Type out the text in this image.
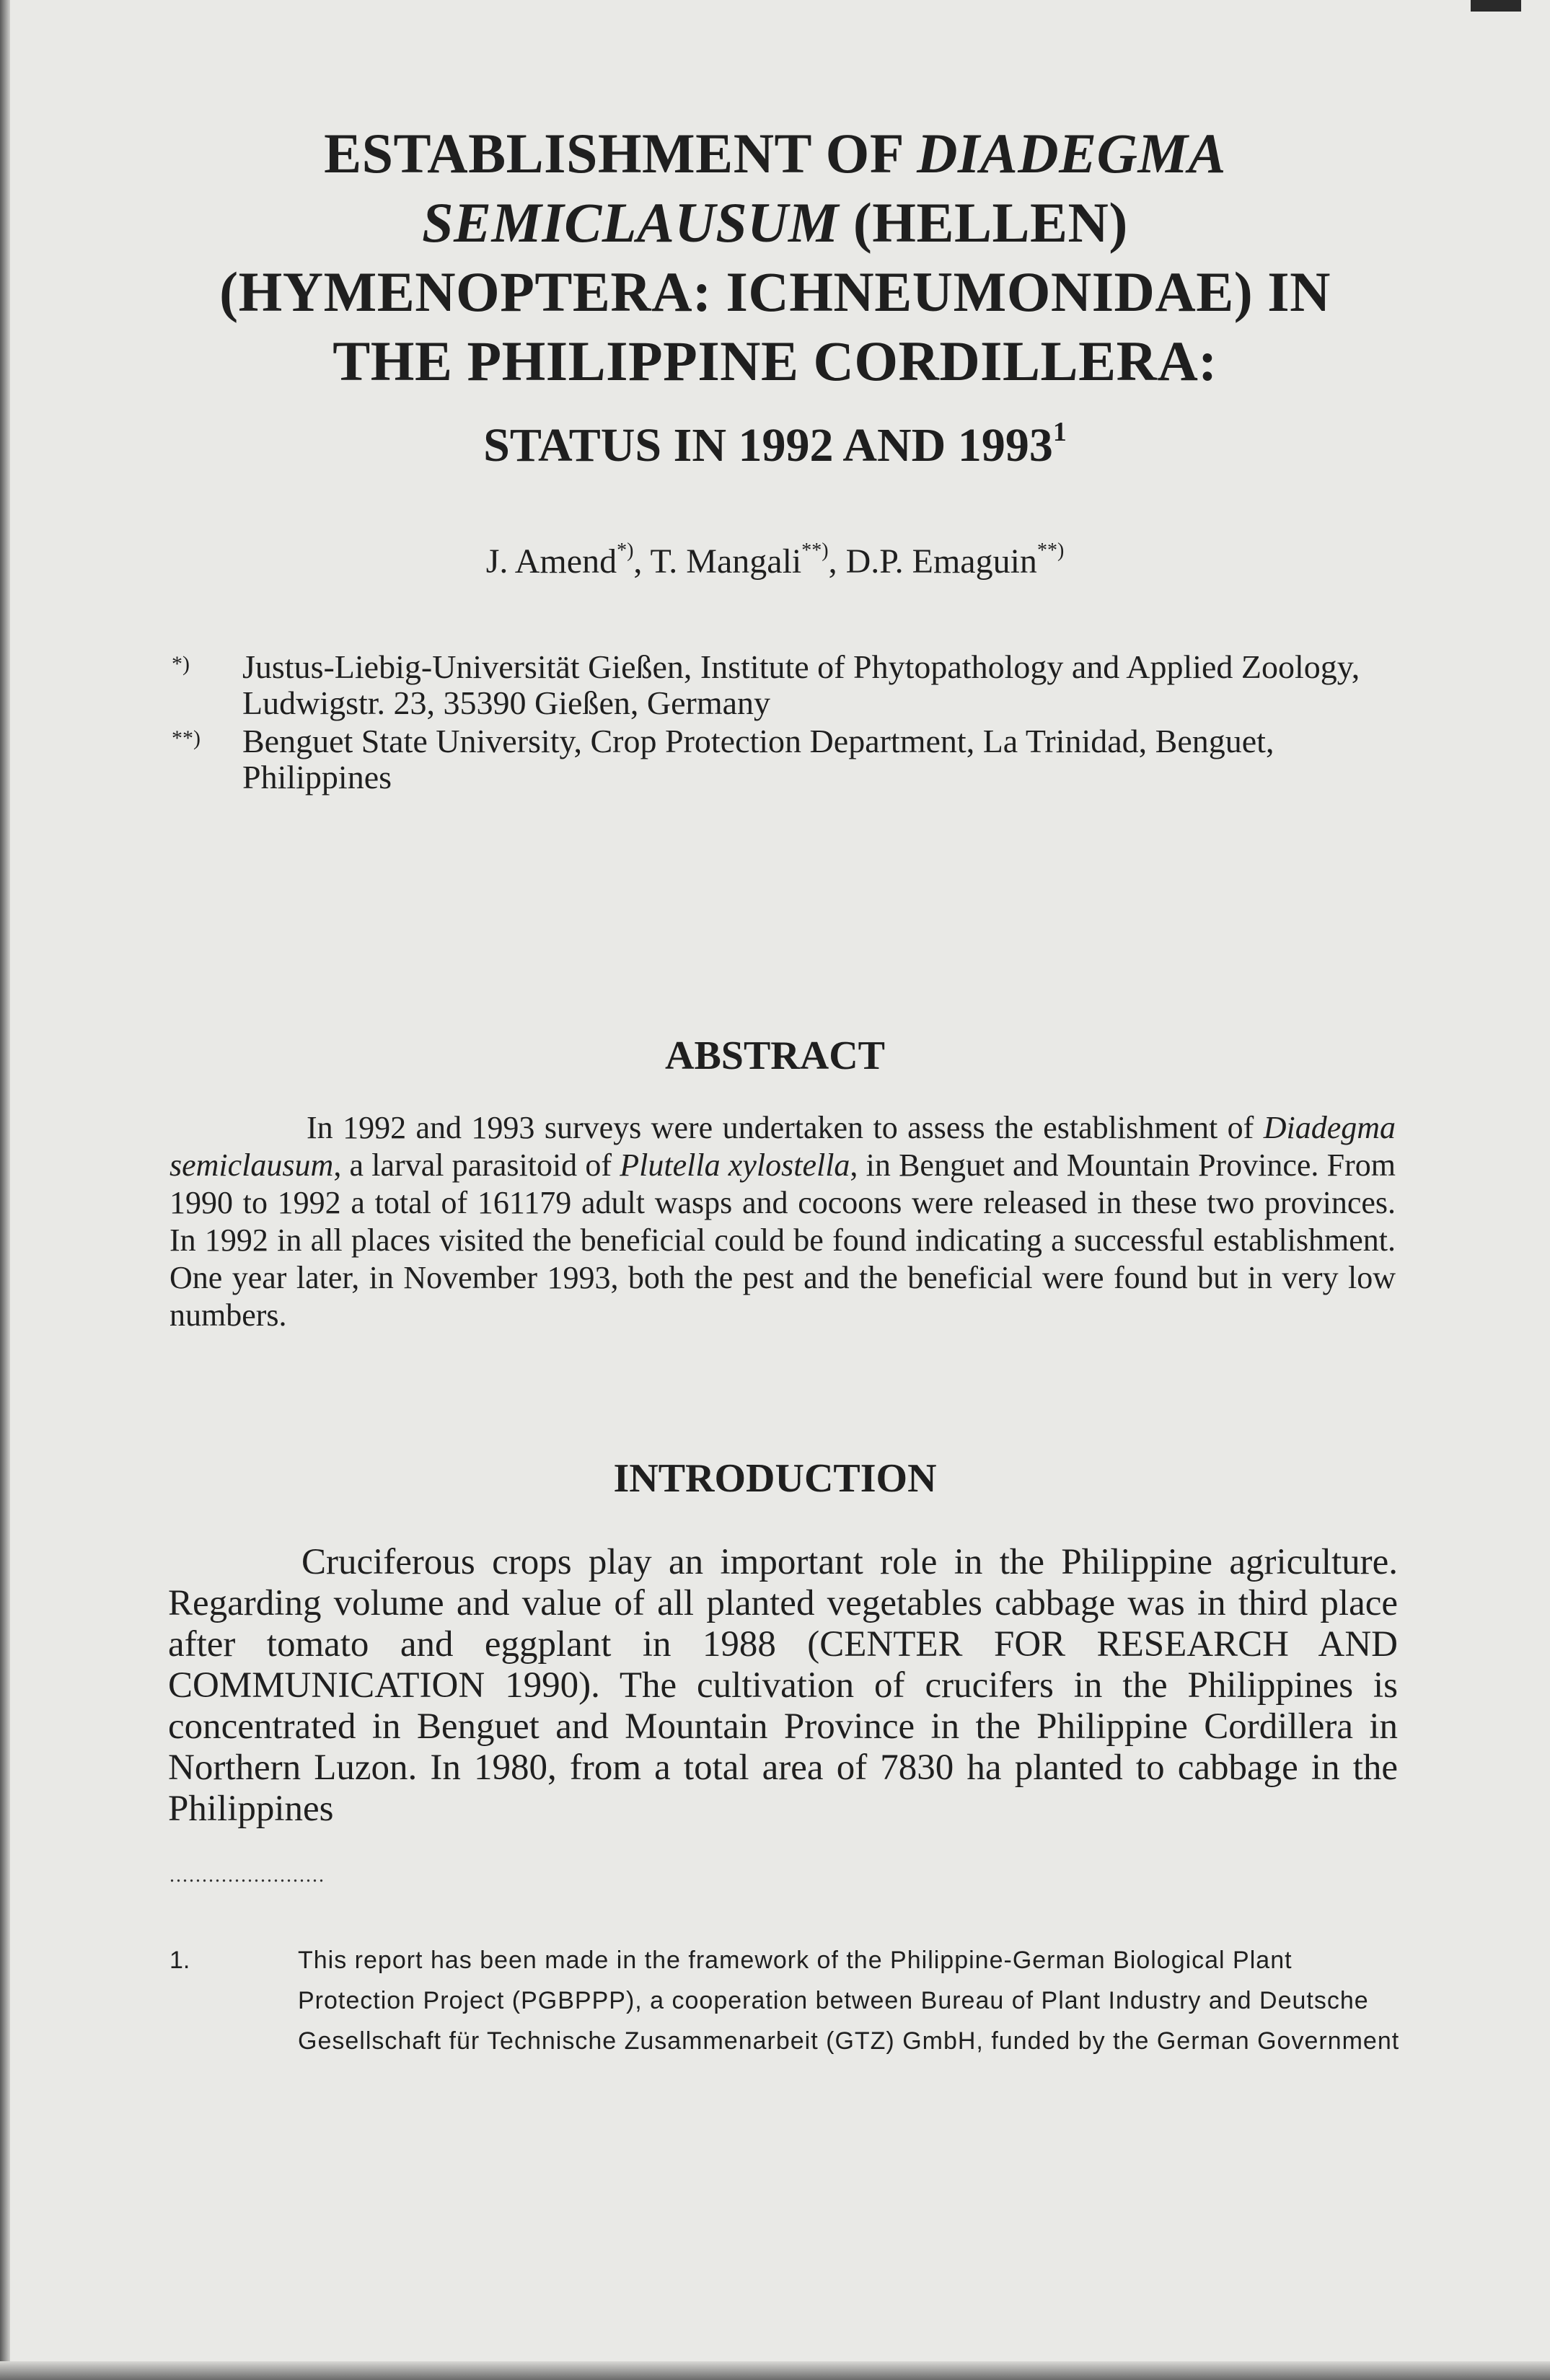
ESTABLISHMENT OF DIADEGMA
SEMICLAUSUM (HELLEN)
(HYMENOPTERA: ICHNEUMONIDAE) IN
THE PHILIPPINE CORDILLERA:
STATUS IN 1992 AND 1993$^1$
J. Amend*), T. Mangali**), D.P. Emaguin**)
*) Justus-Liebig-Universität Gießen, Institute of Phytopathology and Applied Zoology, Ludwigstr. 23, 35390 Gießen, Germany
**) Benguet State University, Crop Protection Department, La Trinidad, Benguet, Philippines
ABSTRACT
In 1992 and 1993 surveys were undertaken to assess the establishment of Diadegma semiclausum, a larval parasitoid of Plutella xylostella, in Benguet and Mountain Province. From 1990 to 1992 a total of 161179 adult wasps and cocoons were released in these two provinces. In 1992 in all places visited the beneficial could be found indicating a successful establishment. One year later, in November 1993, both the pest and the beneficial were found but in very low numbers.
INTRODUCTION
Cruciferous crops play an important role in the Philippine agriculture. Regarding volume and value of all planted vegetables cabbage was in third place after tomato and eggplant in 1988 (CENTER FOR RESEARCH AND COMMUNICATION 1990). The cultivation of crucifers in the Philippines is concentrated in Benguet and Mountain Province in the Philippine Cordillera in Northern Luzon. In 1980, from a total area of 7830 ha planted to cabbage in the Philippines
........................
1.	This report has been made in the framework of the Philippine-German Biological Plant Protection Project (PGBPPP), a cooperation between Bureau of Plant Industry and Deutsche Gesellschaft für Technische Zusammenarbeit (GTZ) GmbH, funded by the German Government
